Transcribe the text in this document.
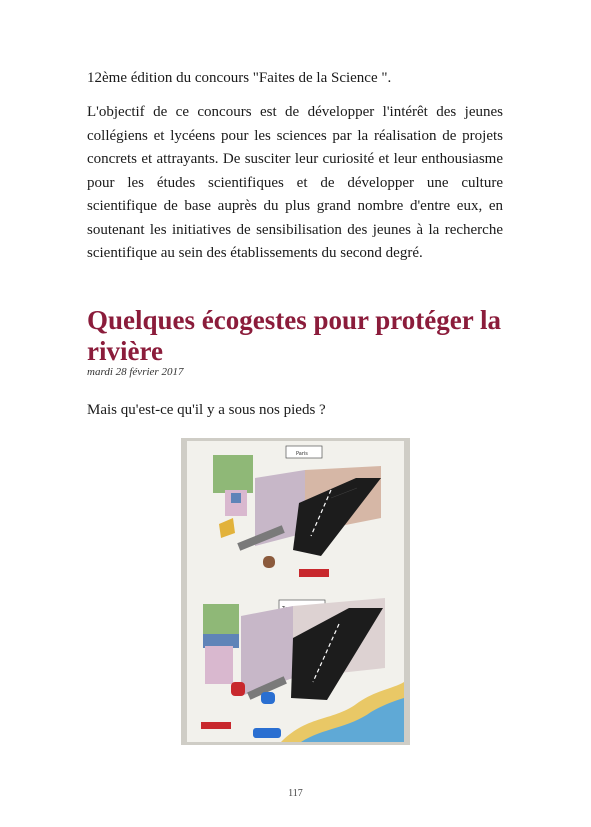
12ème édition du concours "Faites de la Science ".

L'objectif de ce concours est de développer l'intérêt des jeunes collégiens et lycéens pour les sciences par la réalisation de projets concrets et attrayants. De susciter leur curiosité et leur enthousiasme pour les études scientifiques et de développer une culture scientifique de base auprès du plus grand nombre d'entre eux, en soutenant les initiatives de sensibilisation des jeunes à la recherche scientifique au sein des établissements du second degré.

Quelques écogestes pour protéger la rivière

mardi 28 février 2017

Mais qu'est-ce qu'il y a sous nos pieds ?

Paris

117
